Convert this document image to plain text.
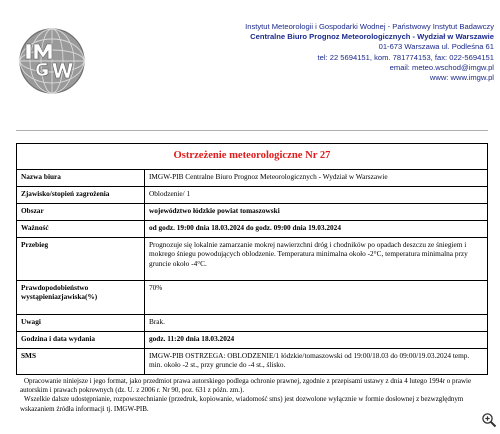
Instytut Meteorologii i Gospodarki Wodnej - Państwowy Instytut Badawczy
Centralne Biuro Prognoz Meteorologicznych - Wydział w Warszawie
01-673 Warszawa ul. Podleśna 61
tel: 22 5694151, kom. 781774153, fax: 022-5694151
email: meteo.wschod@imgw.pl
www: www.imgw.pl
Ostrzeżenie meteorologiczne Nr 27	
Nazwa biura	IMGW-PIB Centralne Biuro Prognoz Meteorologicznych - Wydział w Warszawie
Zjawisko/stopień zagrożenia	Oblodzenie/ 1
Obszar	województwo łódzkie powiat tomaszowski
Ważność	od godz. 19:00 dnia 18.03.2024 do godz. 09:00 dnia 19.03.2024
Przebieg	Prognozuje się lokalnie zamarzanie mokrej nawierzchni dróg i chodników po opadach deszczu ze śniegiem i mokrego śniegu powodujących oblodzenie. Temperatura minimalna około -2°C, temperatura minimalna przy gruncie około -4°C.
Prawdopodobieństwo wystąpieniazjawiska(%)	70%
Uwagi	Brak.
Godzina i data wydania	godz. 11:20 dnia 18.03.2024
SMS	IMGW-PIB OSTRZEGA: OBLODZENIE/1 łódzkie/tomaszowski od 19:00/18.03 do 09:00/19.03.2024 temp. min. około -2 st., przy gruncie do -4 st., ślisko.

Opracowanie niniejsze i jego format, jako przedmiot prawa autorskiego podlega ochronie prawnej, zgodnie z przepisami ustawy z dnia 4 lutego 1994r o prawie autorskim i prawach pokrewnych (dz. U. z 2006 r. Nr 90, poz. 631 z późn. zm.).

Wszelkie dalsze udostępnianie, rozpowszechnianie (przedruk, kopiowanie, wiadomość sms) jest dozwolone wyłącznie w formie dosłownej z bezwzględnym wskazaniem źródła informacji tj. IMGW-PIB.
